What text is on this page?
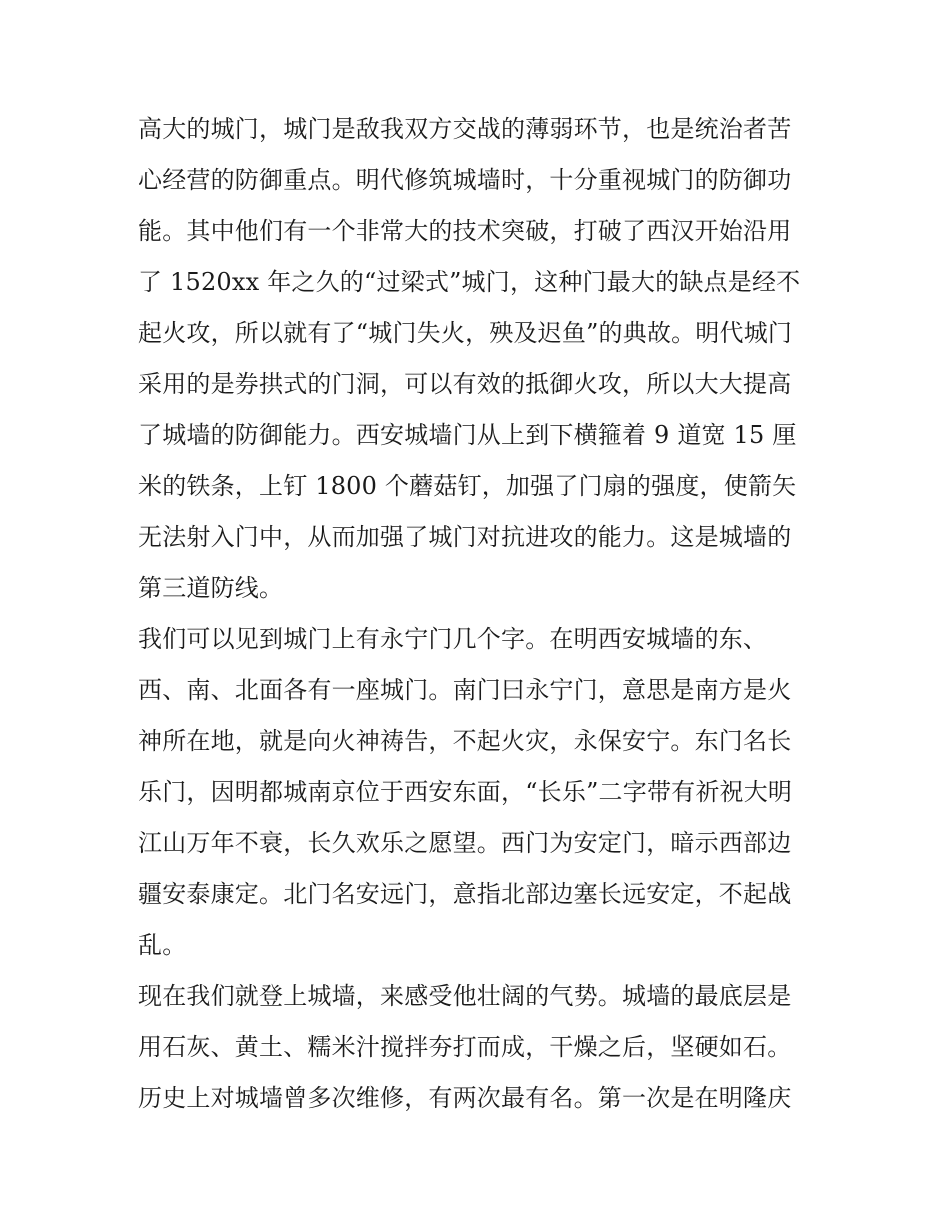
高大的城门，城门是敌我双方交战的薄弱环节，也是统治者苦
心经营的防御重点。明代修筑城墙时，十分重视城门的防御功
能。其中他们有一个非常大的技术突破，打破了西汉开始沿用
了 1520xx 年之久的“过梁式”城门，这种门最大的缺点是经不
起火攻，所以就有了“城门失火，殃及迟鱼”的典故。明代城门
采用的是券拱式的门洞，可以有效的抵御火攻，所以大大提高
了城墙的防御能力。西安城墙门从上到下横箍着 9 道宽 15 厘
米的铁条，上钉 1800 个蘑菇钉，加强了门扇的强度，使箭矢
无法射入门中，从而加强了城门对抗进攻的能力。这是城墙的
第三道防线。
我们可以见到城门上有永宁门几个字。在明西安城墙的东、
西、南、北面各有一座城门。南门曰永宁门，意思是南方是火
神所在地，就是向火神祷告，不起火灾，永保安宁。东门名长
乐门，因明都城南京位于西安东面，“长乐”二字带有祈祝大明
江山万年不衰，长久欢乐之愿望。西门为安定门，暗示西部边
疆安泰康定。北门名安远门，意指北部边塞长远安定，不起战
乱。
现在我们就登上城墙，来感受他壮阔的气势。城墙的最底层是
用石灰、黄土、糯米汁搅拌夯打而成，干燥之后，坚硬如石。
历史上对城墙曾多次维修，有两次最有名。第一次是在明隆庆
